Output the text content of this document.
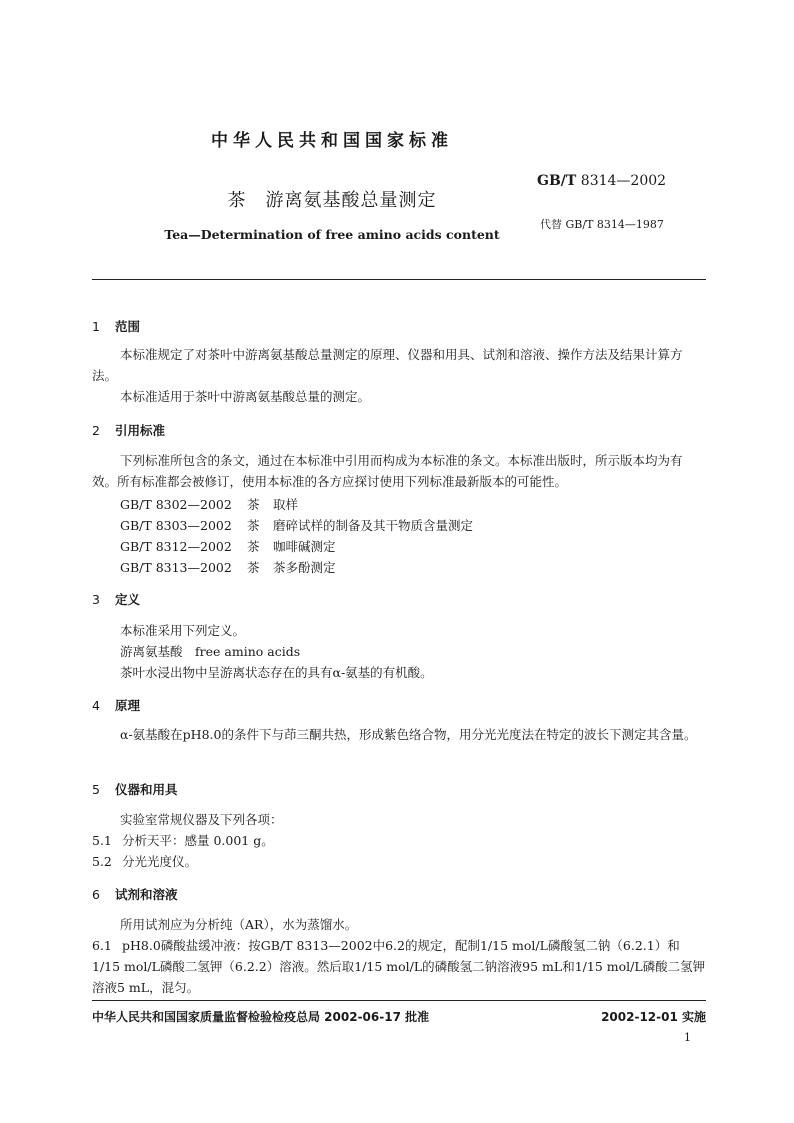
中华人民共和国国家标准
GB/T 8314—2002
茶　游离氨基酸总量测定
代替 GB/T 8314—1987
Tea—Determination of free amino acids content
1 范围
本标准规定了对茶叶中游离氨基酸总量测定的原理、仪器和用具、试剂和溶液、操作方法及结果计算方法。
本标准适用于茶叶中游离氨基酸总量的测定。
2 引用标准
下列标准所包含的条文，通过在本标准中引用而构成为本标准的条文。本标准出版时，所示版本均为有效。所有标准都会被修订，使用本标准的各方应探讨使用下列标准最新版本的可能性。
GB/T 8302—2002 茶 取样
GB/T 8303—2002 茶 磨碎试样的制备及其干物质含量测定
GB/T 8312—2002 茶 咖啡碱测定
GB/T 8313—2002 茶 茶多酚测定
3 定义
本标准采用下列定义。
游离氨基酸　 free amino acids
茶叶水浸出物中呈游离状态存在的具有α-氨基的有机酸。
4 原理
α-氨基酸在pH8.0的条件下与茚三酮共热，形成紫色络合物，用分光光度法在特定的波长下测定其含量。
5 仪器和用具
实验室常规仪器及下列各项：
5.1 分析天平：感量 0.001 g。
5.2 分光光度仪。
6 试剂和溶液
所用试剂应为分析纯（AR），水为蒸馏水。
6.1 pH8.0磷酸盐缓冲液：按GB/T 8313—2002中6.2的规定，配制1/15 mol/L磷酸氢二钠（6.2.1）和1/15 mol/L磷酸二氢钾（6.2.2）溶液。然后取1/15 mol/L的磷酸氢二钠溶液95 mL和1/15 mol/L磷酸二氢钾溶液5 mL，混匀。
中华人民共和国国家质量监督检验检疫总局 2002-06-17 批准	2002-12-01 实施
1
